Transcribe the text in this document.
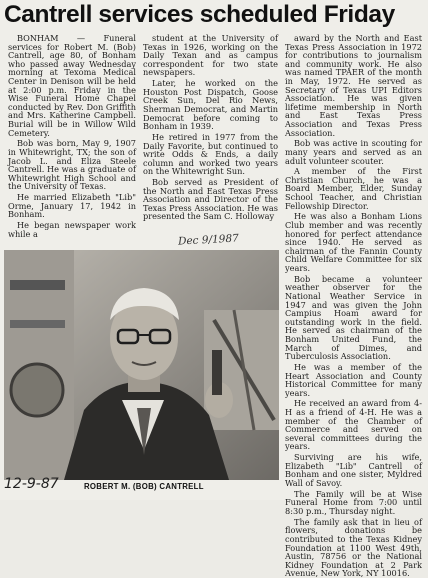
Cantrell services scheduled Friday

BONHAM — Funeral services for Robert M. (Bob) Cantrell, age 80, of Bonham who passed away Wednesday morning at Texoma Medical Center in Denison will be held at 2:00 p.m. Friday in the Wise Funeral Home Chapel conducted by Rev. Don Griffith and Mrs. Katherine Campbell. Burial will be in Willow Wild Cemetery.

Bob was born, May 9, 1907 in Whitewright, TX; the son of Jacob L. and Eliza Steele Cantrell. He was a graduate of Whitewright High School and the University of Texas.

He married Elizabeth "Lib" Orme, January 17, 1942 in Bonham.

He began newspaper work while a

student at the University of Texas in 1926, working on the Daily Texan and as campus correspondent for two state newspapers.

Later, he worked on the Houston Post Dispatch, Goose Creek Sun, Del Rio News, Sherman Democrat, and Martin Democrat before coming to Bonham in 1939.

He retired in 1977 from the Daily Favorite, but continued to write Odds & Ends, a daily column and worked two years on the Whitewright Sun.

Bob served as President of the North and East Texas Press Association and Director of the Texas Press Association. He was presented the Sam C. Holloway

award by the North and East Texas Press Association in 1972 for contributions to journalism and community work. He also was named TPAER of the month in May, 1972. He served as Secretary of Texas UPI Editors Association. He was given lifetime membership in North and East Texas Press Association and Texas Press Association.

Bob was active in scouting for many years and served as an adult volunteer scouter.

A member of the First Christian Church, he was a Board Member, Elder, Sunday School Teacher, and Christian Fellowship Director.

He was also a Bonham Lions Club member and was recently honored for perfect attendance since 1940. He served as chairman of the Fannin County Child Welfare Committee for six years.

Bob became a volunteer weather observer for the National Weather Service in 1947 and was given the John Campius Hoam award for outstanding work in the field. He served as chairman of the Bonham United Fund, the March of Dimes, and Tuberculosis Association.

He was a member of the Heart Association and County Historical Committee for many years.

He received an award from 4-H as a friend of 4-H. He was a member of the Chamber of Commerce and served on several committees during the years.

Surviving are his wife, Elizabeth "Lib" Cantrell of Bonham and one sister, Myldred Wall of Savoy.

The Family will be at Wise Funeral Home from 7:00 until 8:30 p.m., Thursday night.

The family ask that in lieu of flowers, donations be contributed to the Texas Kidney Foundation at 1100 West 49th, Austin, 78756 or the National Kidney Foundation at 2 Park Avenue, New York, NY 10016.

Dec 9/1987
ROBERT M. (BOB) CANTRELL
12-9-87
